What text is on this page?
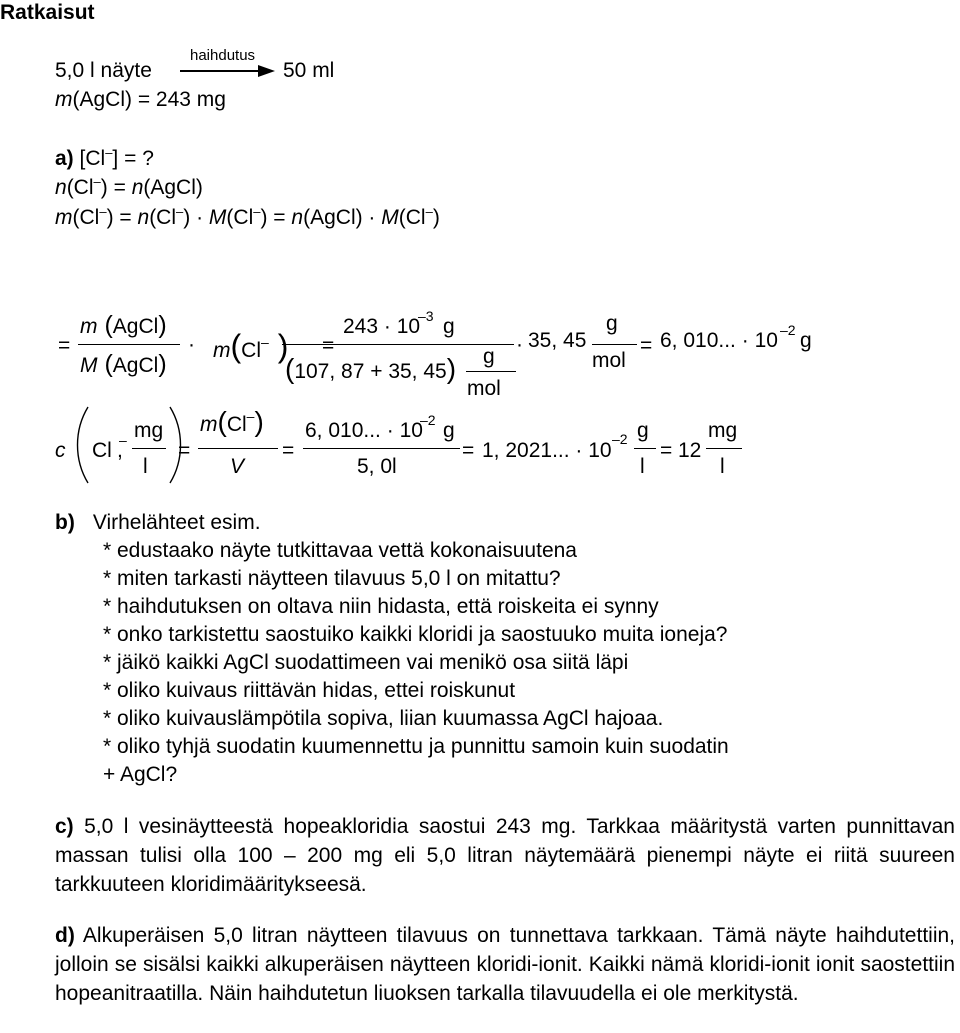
Ratkaisut
5,0 l näyte
haihdutus
50 ml
m(AgCl) = 243 mg
a) [Cl–] = ?
n(Cl–) = n(AgCl)
m(Cl–) = n(Cl–) · M(Cl–) = n(AgCl) · M(Cl–)
=
m (AgCl)
M (AgCl)
· m(Cl– ) =
243 · 10
–3 g
(107, 87 + 35, 45) g
mol
· 35, 45
g
mol
= 6, 010... · 10 –2 g
c Cl –
,
mg
l
=
m(Cl–)
V
=
6, 010... · 10
–2 g
5, 0l
= 1, 2021... · 10 –2 g
l
= 12
mg
l
b) Virhelähteet esim.
* edustaako näyte tutkittavaa vettä kokonaisuutena
* miten tarkasti näytteen tilavuus 5,0 l on mitattu?
* haihdutuksen on oltava niin hidasta, että roiskeita ei synny
* onko tarkistettu saostuiko kaikki kloridi ja saostuuko muita ioneja?
* jäikö kaikki AgCl suodattimeen vai menikö osa siitä läpi
* oliko kuivaus riittävän hidas, ettei roiskunut
* oliko kuivauslämpötila sopiva, liian kuumassa AgCl hajoaa.
* oliko tyhjä suodatin kuumennettu ja punnittu samoin kuin suodatin
+ AgCl?
c) 5,0 l vesinäytteestä hopeakloridia saostui 243 mg. Tarkkaa määritystä varten punnittavan massan tulisi olla 100 – 200 mg eli 5,0 litran näytemäärä pienempi näyte ei riitä suureen tarkkuuteen kloridimääritykseesä.
d) Alkuperäisen 5,0 litran näytteen tilavuus on tunnettava tarkkaan. Tämä näyte haihdutettiin, jolloin se sisälsi kaikki alkuperäisen näytteen kloridi-ionit. Kaikki nämä kloridi-ionit ionit saostettiin hopeanitraatilla. Näin haihdutetun liuoksen tarkalla tilavuudella ei ole merkitystä.
